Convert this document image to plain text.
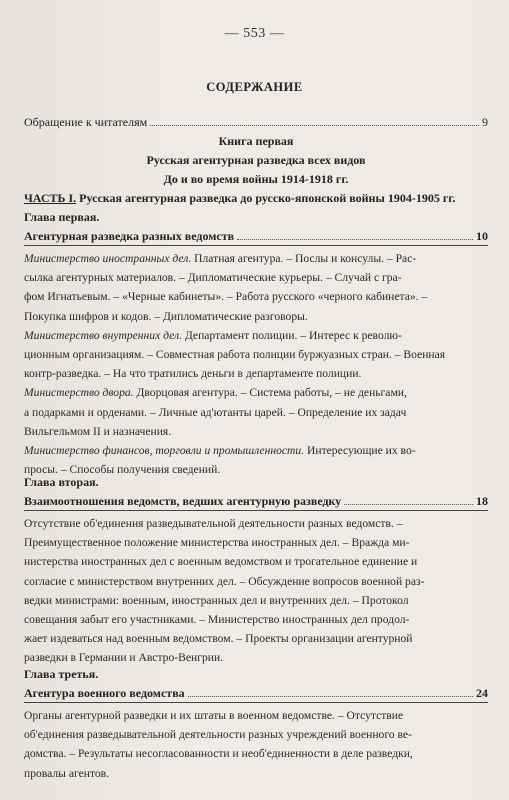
— 553 —
СОДЕРЖАНИЕ
Обращение к читателям	9
Книга первая
Русская агентурная разведка всех видов
До и во время войны 1914-1918 гг.
ЧАСТЬ I. Русская агентурная разведка до русско-японской войны 1904-1905 гг.
Глава первая.
Агентурная разведка разных ведомств	10
Министерство иностранных дел. Платная агентура. – Послы и консулы. – Рас-
сылка агентурных материалов. – Дипломатические курьеры. – Случай с гра-
фом Игнатьевым. – «Черные кабинеты». – Работа русского «черного кабинета». –
Покупка шифров и кодов. – Дипломатические разговоры.
Министерство внутренних дел. Департамент полиции. – Интерес к револю-
ционным организациям. – Совместная работа полиции буржуазных стран. – Военная
контр-разведка. – На что тратились деньги в департаменте полиции.
Министерство двора. Дворцовая агентура. – Система работы, – не деньгами,
а подарками и орденами. – Личные ад'ютанты царей. – Определение их задач
Вильгельмом II и назначения.
Министерство финансов, торговли и промышленности. Интересующие их во-
просы. – Способы получения сведений.
Глава вторая.
Взаимоотношения ведомств, ведших агентурную разведку	18
Отсутствие об'единения разведывательной деятельности разных ведомств. –
Преимущественное положение министерства иностранных дел. – Вражда ми-
нистерства иностранных дел с военным ведомством и трогательное единение и
согласие с министерством внутренних дел. – Обсуждение вопросов военной раз-
ведки министрами: военным, иностранных дел и внутренних дел. – Протокол
совещания забыт его участниками. – Министерство иностранных дел продол-
жает издеваться над военным ведомством. – Проекты организации агентурной
разведки в Германии и Австро-Венгрии.
Глава третья.
Агентура военного ведомства	24
Органы агентурной разведки и их штаты в военном ведомстве. – Отсутствие
об'единения разведывательной деятельности разных учреждений военного ве-
домства. – Результаты несогласованности и необ'единенности в деле разведки,
провалы агентов.
